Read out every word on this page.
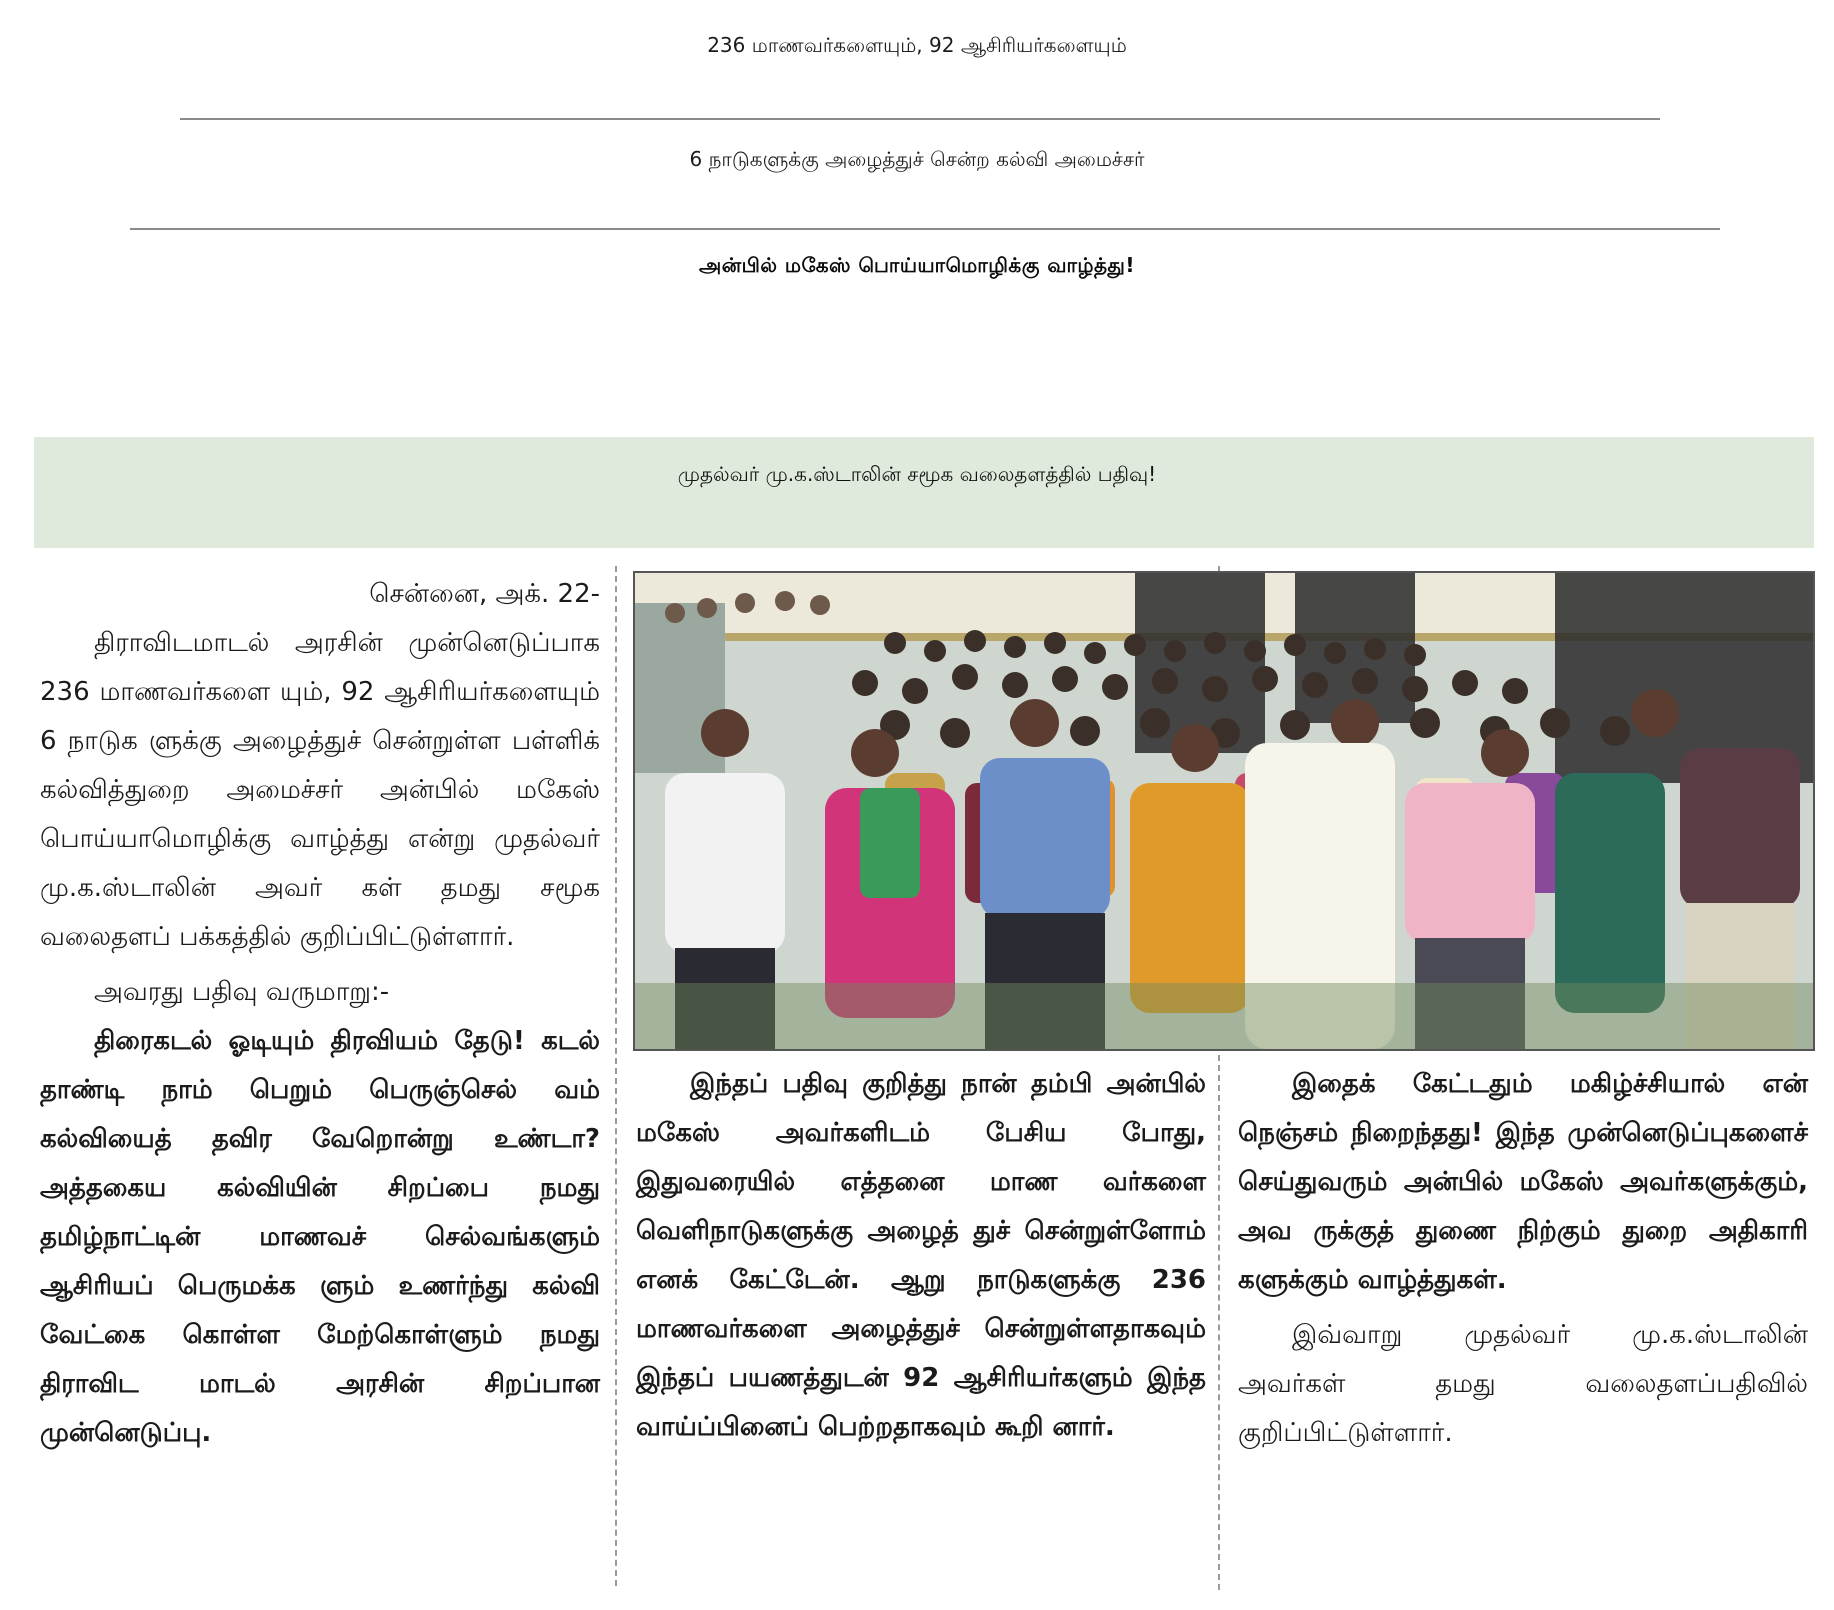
236 மாணவர்களையும், 92 ஆசிரியர்களையும்
6 நாடுகளுக்கு அழைத்துச் சென்ற கல்வி அமைச்சர்
அன்பில் மகேஸ் பொய்யாமொழிக்கு வாழ்த்து!
முதல்வர் மு.க.ஸ்டாலின் சமூக வலைதளத்தில் பதிவு!
சென்னை, அக். 22-

திராவிடமாடல் அரசின் முன்னெடுப்பாக 236 மாணவர்களை யும், 92 ஆசிரியர்களையும் 6 நாடுக ளுக்கு அழைத்துச் சென்றுள்ள பள்ளிக் கல்வித்துறை அமைச்சர் அன்பில் மகேஸ் பொய்யாமொழிக்கு வாழ்த்து என்று முதல்வர் மு.க.ஸ்டாலின் அவர் கள் தமது சமூக வலைதளப் பக்கத்தில் குறிப்பிட்டுள்ளார்.

அவரது பதிவு வருமாறு:-

திரைகடல் ஓடியும் திரவியம் தேடு! கடல் தாண்டி நாம் பெறும் பெருஞ்செல் வம் கல்வியைத் தவிர வேறொன்று உண்டா? அத்தகைய கல்வியின் சிறப்பை நமது தமிழ்நாட்டின் மாணவச் செல்வங்களும் ஆசிரியப் பெருமக்க ளும் உணர்ந்து கல்வி வேட்கை கொள்ள மேற்கொள்ளும் நமது திராவிட மாடல் அரசின் சிறப்பான முன்னெடுப்பு.

இந்தப் பதிவு குறித்து நான் தம்பி அன்பில் மகேஸ் அவர்களிடம் பேசிய போது, இதுவரையில் எத்தனை மாண வர்களை வெளிநாடுகளுக்கு அழைத் துச் சென்றுள்ளோம் எனக் கேட்டேன். ஆறு நாடுகளுக்கு 236 மாணவர்களை அழைத்துச் சென்றுள்ளதாகவும் இந்தப் பயணத்துடன் 92 ஆசிரியர்களும் இந்த வாய்ப்பினைப் பெற்றதாகவும் கூறி னார்.

இதைக் கேட்டதும் மகிழ்ச்சியால் என் நெஞ்சம் நிறைந்தது! இந்த முன்னெடுப்புகளைச் செய்துவரும் அன்பில் மகேஸ் அவர்களுக்கும், அவ ருக்குத் துணை நிற்கும் துறை அதிகாரி களுக்கும் வாழ்த்துகள்.

இவ்வாறு முதல்வர் மு.க.ஸ்டாலின் அவர்கள் தமது வலைதளப்பதிவில் குறிப்பிட்டுள்ளார்.
